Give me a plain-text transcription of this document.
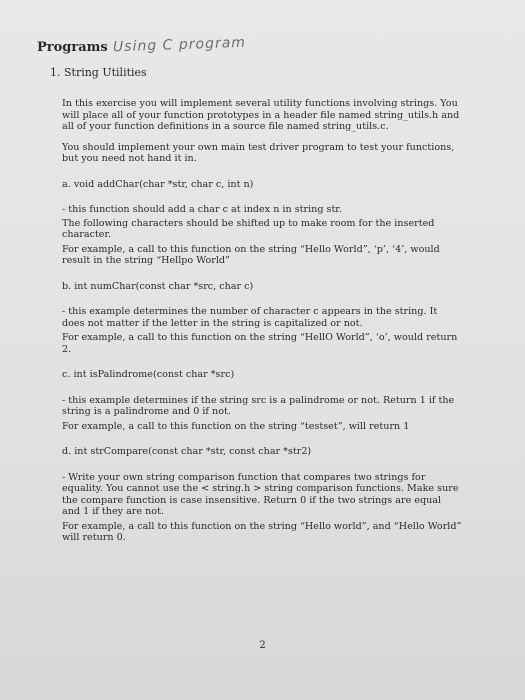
Programs Using C program
1. String Utilities

In this exercise you will implement several utility functions involving strings. You will place all of your function prototypes in a header file named string_utils.h and all of your function definitions in a source file named string_utils.c.

You should implement your own main test driver program to test your functions, but you need not hand it in.

a. void addChar(char *str, char c, int n)

- this function should add a char c at index n in string str.

The following characters should be shifted up to make room for the inserted character.

For example, a call to this function on the string “Hello World”, ‘p’, ‘4’, would result in the string “Hellpo World”

b. int numChar(const char *src, char c)

- this example determines the number of character c appears in the string. It does not matter if the letter in the string is capitalized or not.

For example, a call to this function on the string “HellO World”, ‘o’, would return 2.

c. int isPalindrome(const char *src)

- this example determines if the string src is a palindrome or not. Return 1 if the string is a palindrome and 0 if not.

For example, a call to this function on the string “testset”, will return 1

d. int strCompare(const char *str, const char *str2)

- Write your own string comparison function that compares two strings for equality. You cannot use the < string.h > string comparison functions. Make sure the compare function is case insensitive. Return 0 if the two strings are equal and 1 if they are not.

For example, a call to this function on the string “Hello world”, and “Hello World” will return 0.

2
